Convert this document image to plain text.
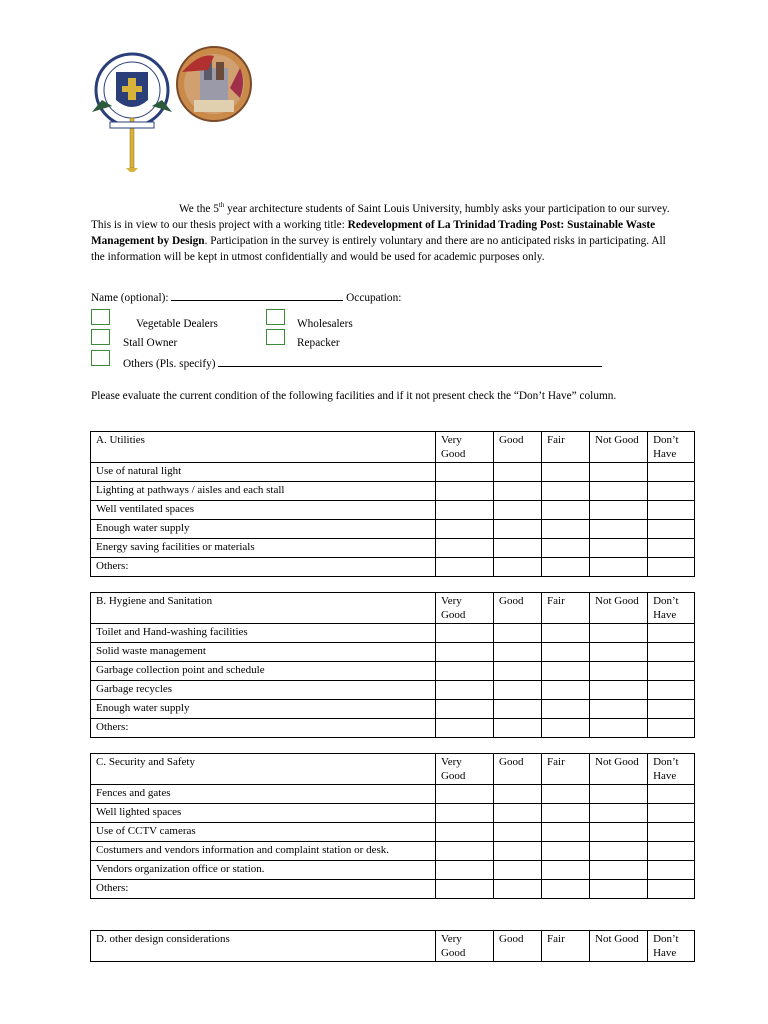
We the 5th year architecture students of Saint Louis University, humbly asks your participation to our survey. This is in view to our thesis project with a working title: Redevelopment of La Trinidad Trading Post: Sustainable Waste Management by Design. Participation in the survey is entirely voluntary and there are no anticipated risks in participating. All the information will be kept in utmost confidentially and would be used for academic purposes only.
Name (optional):	Occupation:
Vegetable Dealers	Wholesalers
Stall Owner	Repacker
Others (Pls. specify)
Please evaluate the current condition of the following facilities and if it not present check the “Don’t Have” column.
A. Utilities	Very Good	Good	Fair	Not Good	Don’t Have
Use of natural light					
Lighting at pathways / aisles and each stall					
Well ventilated spaces					
Enough water supply					
Energy saving facilities or materials					
Others:					
B. Hygiene and Sanitation	Very Good	Good	Fair	Not Good	Don’t Have
Toilet and Hand-washing facilities					
Solid waste management					
Garbage collection point and schedule					
Garbage recycles					
Enough water supply					
Others:					
C. Security and Safety	Very Good	Good	Fair	Not Good	Don’t Have
Fences and gates					
Well lighted spaces					
Use of CCTV cameras					
Costumers and vendors information and complaint station or desk.					
Vendors organization office or station.					
Others:					
D. other design considerations	Very Good	Good	Fair	Not Good	Don’t Have
